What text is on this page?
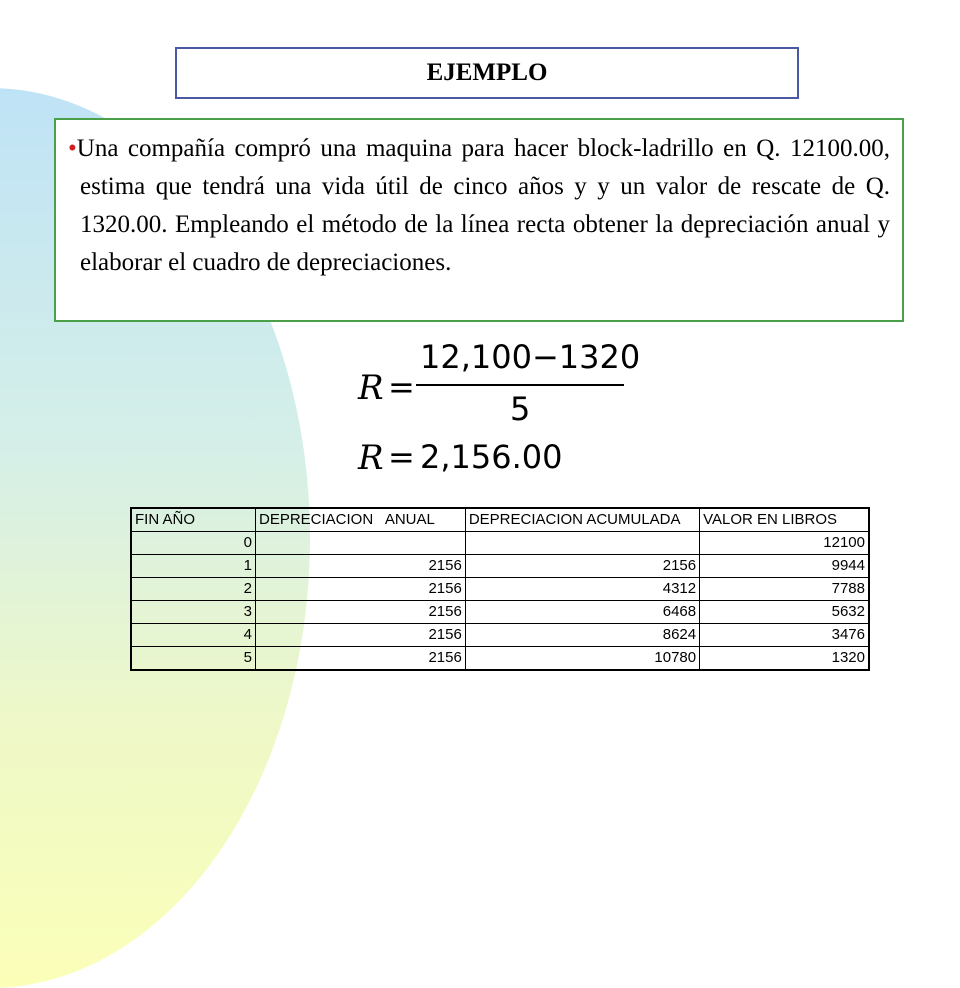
EJEMPLO
•Una compañía compró una maquina para hacer block-ladrillo en Q. 12100.00, estima que tendrá una vida útil de cinco años y y un valor de rescate de Q. 1320.00. Empleando el método de la línea recta obtener la depreciación anual y elaborar el cuadro de depreciaciones.
R =
12,100−1320
5
R = 2,156.00
FIN AÑO	DEPRECIACION   ANUAL	DEPRECIACION ACUMULADA	VALOR EN LIBROS
0			12100
1	2156	2156	9944
2	2156	4312	7788
3	2156	6468	5632
4	2156	8624	3476
5	2156	10780	1320
